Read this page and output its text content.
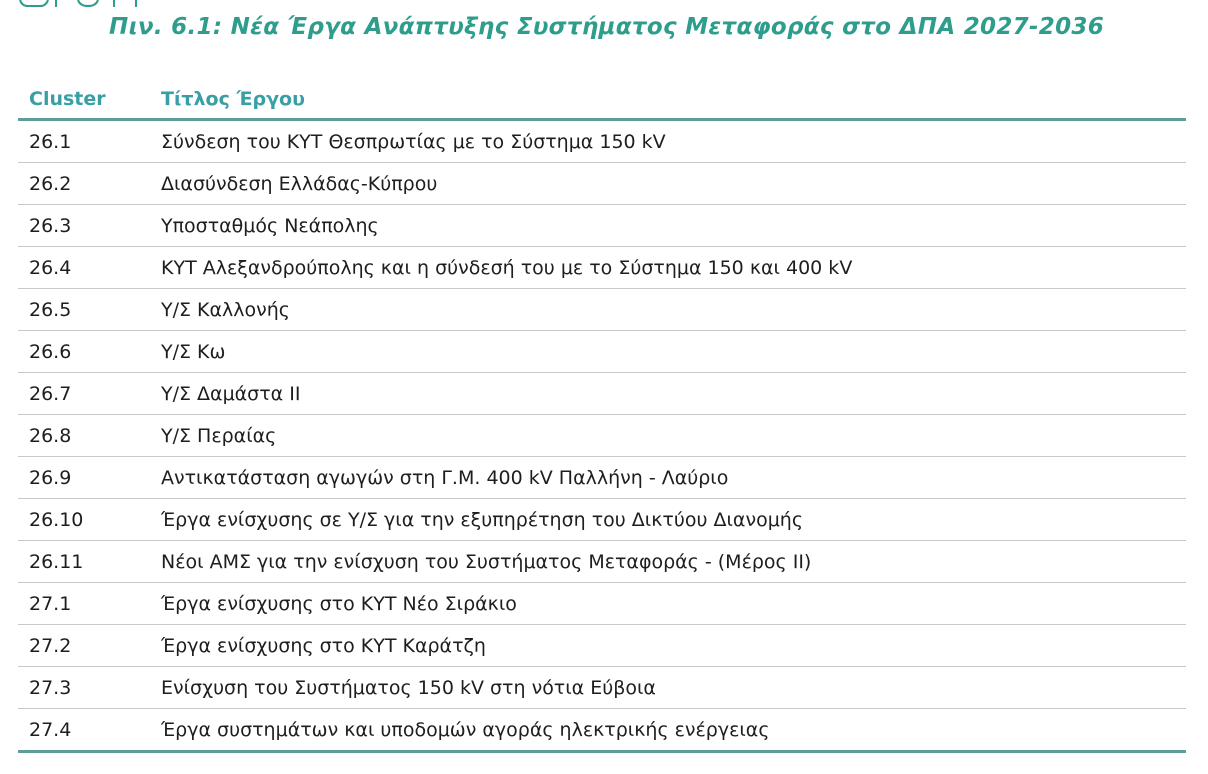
Πιν. 6.1: Νέα Έργα Ανάπτυξης Συστήματος Μεταφοράς στο ΔΠΑ 2027-2036
Cluster	Τίτλος Έργου
26.1	Σύνδεση του ΚΥΤ Θεσπρωτίας με το Σύστημα 150 kV
26.2	Διασύνδεση Ελλάδας-Κύπρου
26.3	Υποσταθμός Νεάπολης
26.4	ΚΥΤ Αλεξανδρούπολης και η σύνδεσή του με το Σύστημα 150 και 400 kV
26.5	Υ/Σ Καλλονής
26.6	Υ/Σ Κω
26.7	Υ/Σ Δαμάστα ΙΙ
26.8	Υ/Σ Περαίας
26.9	Αντικατάσταση αγωγών στη Γ.Μ. 400 kV Παλλήνη - Λαύριο
26.10	Έργα ενίσχυσης σε Υ/Σ για την εξυπηρέτηση του Δικτύου Διανομής
26.11	Νέοι ΑΜΣ για την ενίσχυση του Συστήματος Μεταφοράς - (Μέρος ΙΙ)
27.1	Έργα ενίσχυσης στο ΚΥΤ Νέο Σιράκιο
27.2	Έργα ενίσχυσης στο ΚΥΤ Καράτζη
27.3	Ενίσχυση του Συστήματος 150 kV στη νότια Εύβοια
27.4	Έργα συστημάτων και υποδομών αγοράς ηλεκτρικής ενέργειας
